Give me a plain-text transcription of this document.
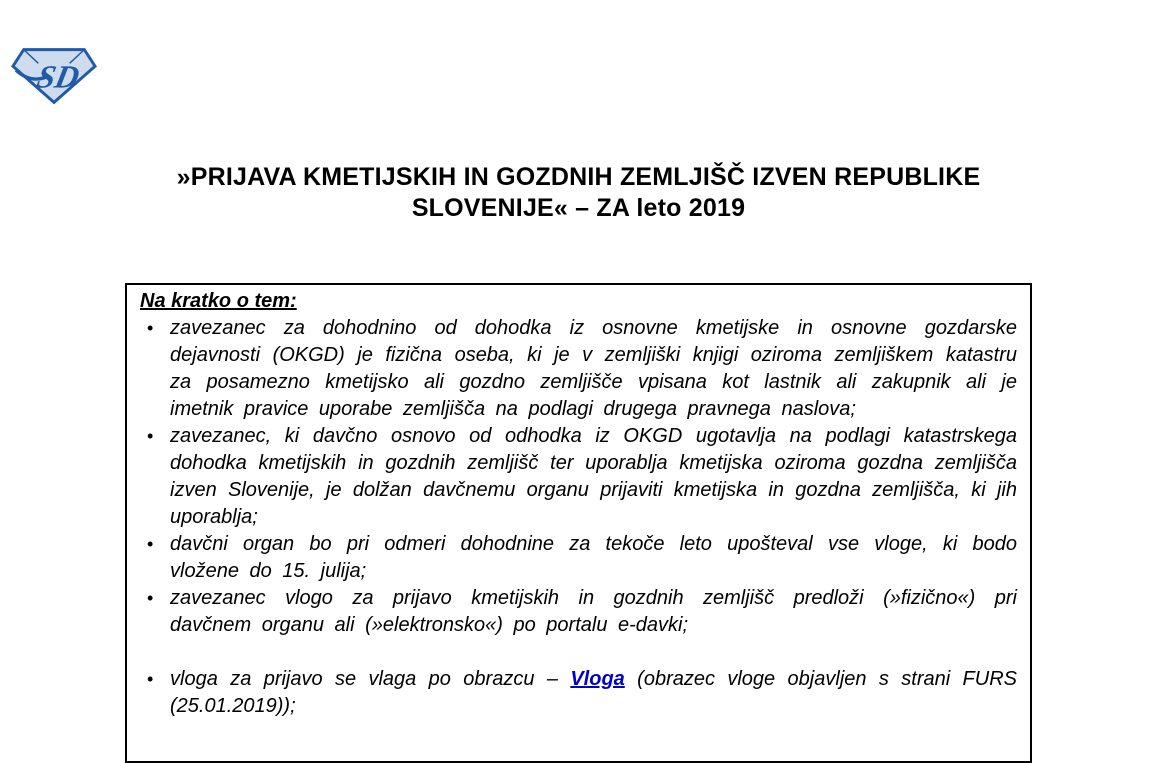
SD
»PRIJAVA KMETIJSKIH IN GOZDNIH ZEMLJIŠČ IZVEN REPUBLIKE
SLOVENIJE« – ZA leto 2019
Na kratko o tem:
• zavezanec za dohodnino od dohodka iz osnovne kmetijske in osnovne gozdarske dejavnosti (OKGD) je fizična oseba, ki je v zemljiški knjigi oziroma zemljiškem katastru za posamezno kmetijsko ali gozdno zemljišče vpisana kot lastnik ali zakupnik ali je imetnik pravice uporabe zemljišča na podlagi drugega pravnega naslova;
• zavezanec, ki davčno osnovo od odhodka iz OKGD ugotavlja na podlagi katastrskega dohodka kmetijskih in gozdnih zemljišč ter uporablja kmetijska oziroma gozdna zemljišča izven Slovenije, je dolžan davčnemu organu prijaviti kmetijska in gozdna zemljišča, ki jih uporablja;
• davčni organ bo pri odmeri dohodnine za tekoče leto upošteval vse vloge, ki bodo vložene do 15. julija;
• zavezanec vlogo za prijavo kmetijskih in gozdnih zemljišč predloži (»fizično«) pri davčnem organu ali (»elektronsko«) po portalu e-davki;
• vloga za prijavo se vlaga po obrazcu – Vloga (obrazec vloge objavljen s strani FURS (25.01.2019));
